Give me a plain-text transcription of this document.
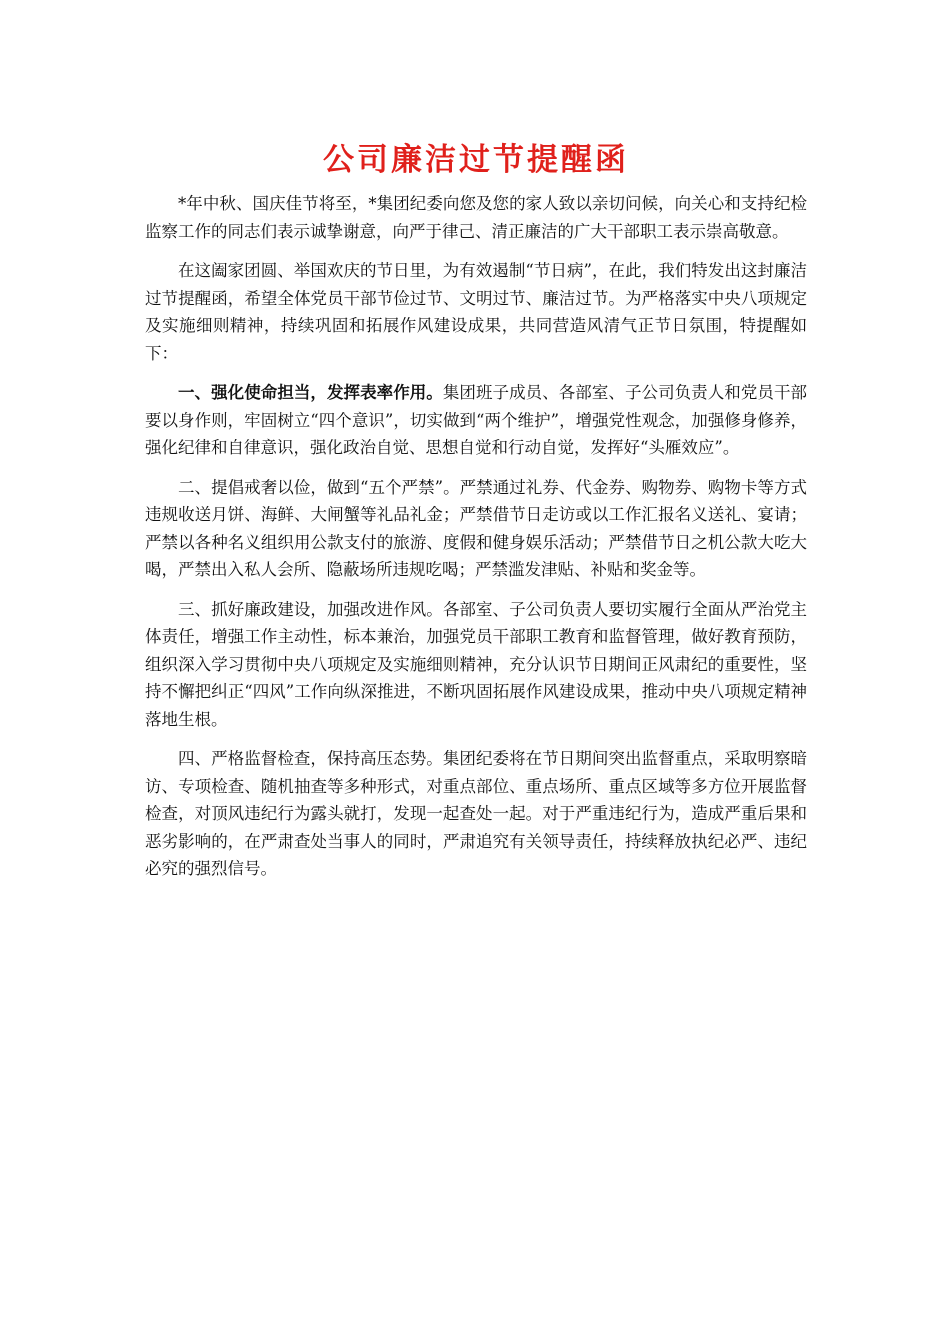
公司廉洁过节提醒函

*年中秋、国庆佳节将至，*集团纪委向您及您的家人致以亲切问候，向关心和支持纪检监察工作的同志们表示诚挚谢意，向严于律己、清正廉洁的广大干部职工表示崇高敬意。

在这阖家团圆、举国欢庆的节日里，为有效遏制“节日病”，在此，我们特发出这封廉洁过节提醒函，希望全体党员干部节俭过节、文明过节、廉洁过节。为严格落实中央八项规定及实施细则精神，持续巩固和拓展作风建设成果，共同营造风清气正节日氛围，特提醒如下：

一、强化使命担当，发挥表率作用。集团班子成员、各部室、子公司负责人和党员干部要以身作则，牢固树立“四个意识”，切实做到“两个维护”，增强党性观念，加强修身修养，强化纪律和自律意识，强化政治自觉、思想自觉和行动自觉，发挥好“头雁效应”。

二、提倡戒奢以俭，做到“五个严禁”。严禁通过礼券、代金券、购物券、购物卡等方式违规收送月饼、海鲜、大闸蟹等礼品礼金；严禁借节日走访或以工作汇报名义送礼、宴请；严禁以各种名义组织用公款支付的旅游、度假和健身娱乐活动；严禁借节日之机公款大吃大喝，严禁出入私人会所、隐蔽场所违规吃喝；严禁滥发津贴、补贴和奖金等。

三、抓好廉政建设，加强改进作风。各部室、子公司负责人要切实履行全面从严治党主体责任，增强工作主动性，标本兼治，加强党员干部职工教育和监督管理，做好教育预防，组织深入学习贯彻中央八项规定及实施细则精神，充分认识节日期间正风肃纪的重要性，坚持不懈把纠正“四风”工作向纵深推进，不断巩固拓展作风建设成果，推动中央八项规定精神落地生根。

四、严格监督检查，保持高压态势。集团纪委将在节日期间突出监督重点，采取明察暗访、专项检查、随机抽查等多种形式，对重点部位、重点场所、重点区域等多方位开展监督检查，对顶风违纪行为露头就打，发现一起查处一起。对于严重违纪行为，造成严重后果和恶劣影响的，在严肃查处当事人的同时，严肃追究有关领导责任，持续释放执纪必严、违纪必究的强烈信号。
